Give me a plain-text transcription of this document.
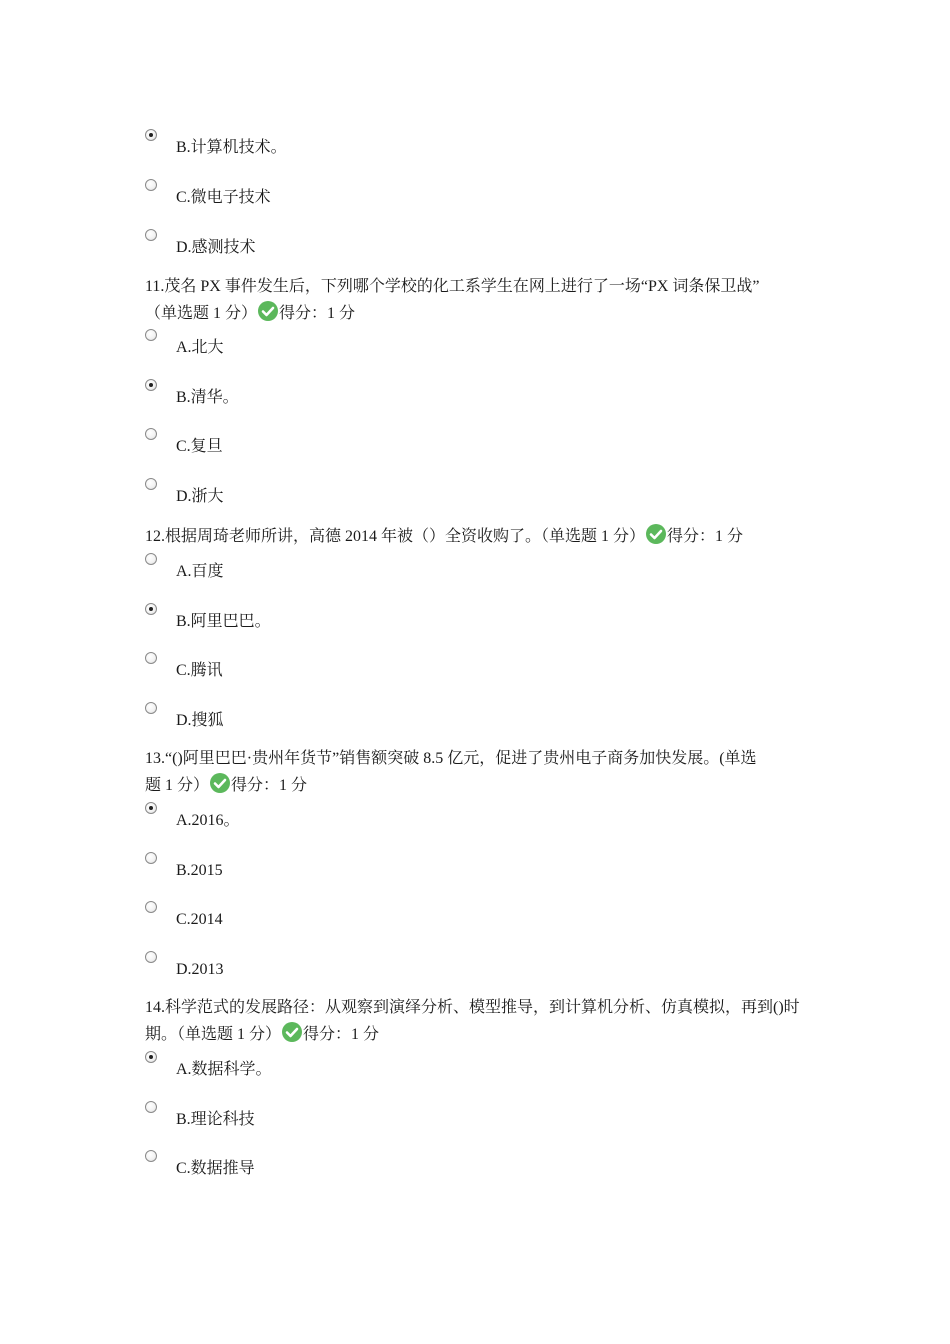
B.计算机技术。
C.微电子技术
D.感测技术
11.茂名 PX 事件发生后，下列哪个学校的化工系学生在网上进行了一场“PX 词条保卫战”
（单选题 1 分） 得分：1 分
A.北大
B.清华。
C.复旦
D.浙大
12.根据周琦老师所讲，高德 2014 年被（）全资收购了。（单选题 1 分） 得分：1 分
A.百度
B.阿里巴巴。
C.腾讯
D.搜狐
13.“()阿里巴巴·贵州年货节”销售额突破 8.5 亿元，促进了贵州电子商务加快发展。(单选
题 1 分） 得分：1 分
A.2016。
B.2015
C.2014
D.2013
14.科学范式的发展路径：从观察到演绎分析、模型推导，到计算机分析、仿真模拟，再到()时
期。（单选题 1 分） 得分：1 分
A.数据科学。
B.理论科技
C.数据推导
